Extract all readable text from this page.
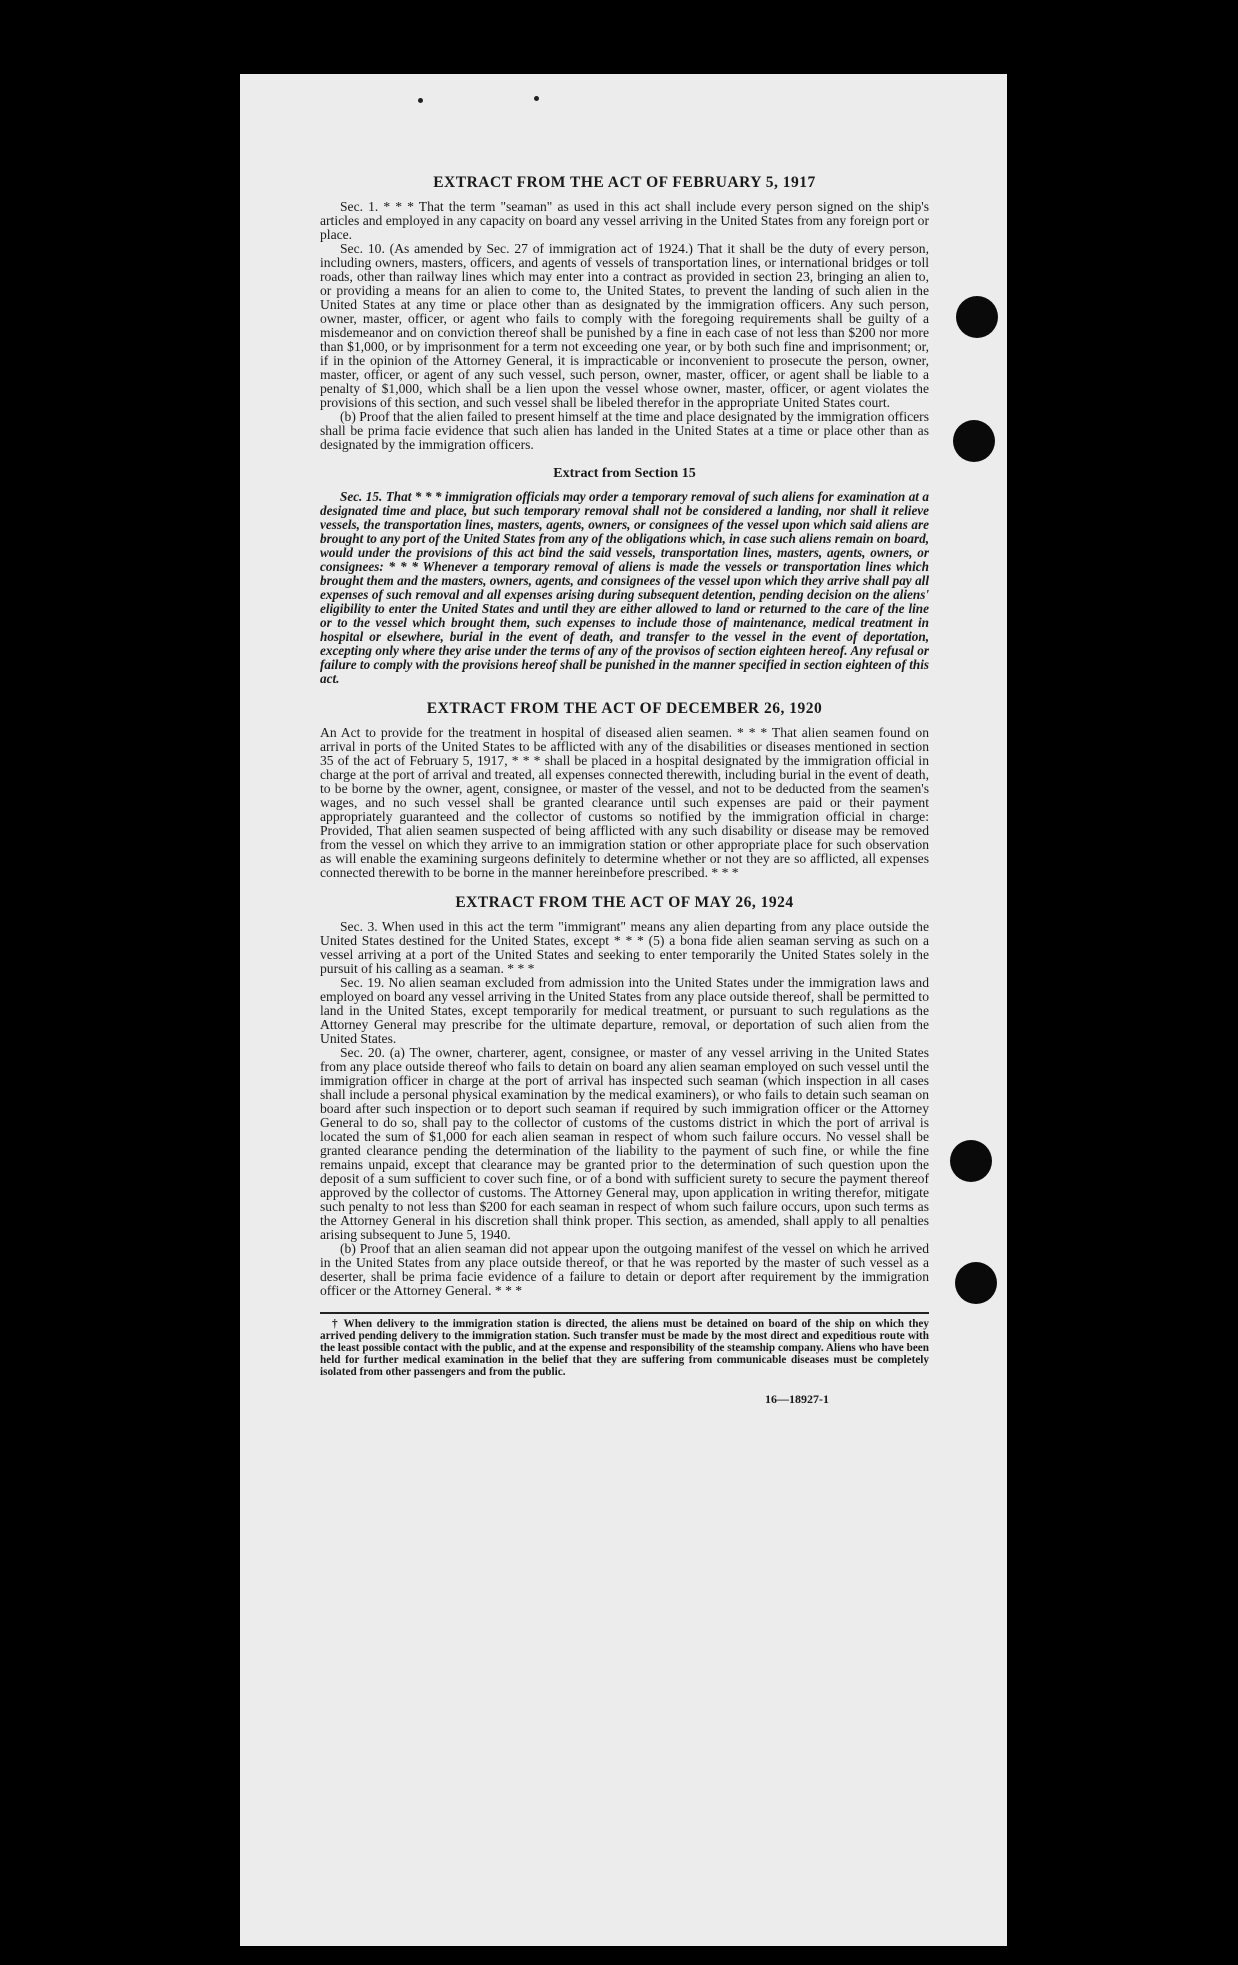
EXTRACT FROM THE ACT OF FEBRUARY 5, 1917

Sec. 1. * * * That the term "seaman" as used in this act shall include every person signed on the ship's articles and employed in any capacity on board any vessel arriving in the United States from any foreign port or place.

Sec. 10. (As amended by Sec. 27 of immigration act of 1924.) That it shall be the duty of every person, including owners, masters, officers, and agents of vessels of transportation lines, or international bridges or toll roads, other than railway lines which may enter into a contract as provided in section 23, bringing an alien to, or providing a means for an alien to come to, the United States, to prevent the landing of such alien in the United States at any time or place other than as designated by the immigration officers. Any such person, owner, master, officer, or agent who fails to comply with the foregoing requirements shall be guilty of a misdemeanor and on conviction thereof shall be punished by a fine in each case of not less than $200 nor more than $1,000, or by imprisonment for a term not exceeding one year, or by both such fine and imprisonment; or, if in the opinion of the Attorney General, it is impracticable or inconvenient to prosecute the person, owner, master, officer, or agent of any such vessel, such person, owner, master, officer, or agent shall be liable to a penalty of $1,000, which shall be a lien upon the vessel whose owner, master, officer, or agent violates the provisions of this section, and such vessel shall be libeled therefor in the appropriate United States court.

(b) Proof that the alien failed to present himself at the time and place designated by the immigration officers shall be prima facie evidence that such alien has landed in the United States at a time or place other than as designated by the immigration officers.

Extract from Section 15

Sec. 15. That * * * immigration officials may order a temporary removal of such aliens for examination at a designated time and place, but such temporary removal shall not be considered a landing, nor shall it relieve vessels, the transportation lines, masters, agents, owners, or consignees of the vessel upon which said aliens are brought to any port of the United States from any of the obligations which, in case such aliens remain on board, would under the provisions of this act bind the said vessels, transportation lines, masters, agents, owners, or consignees: * * * Whenever a temporary removal of aliens is made the vessels or transportation lines which brought them and the masters, owners, agents, and consignees of the vessel upon which they arrive shall pay all expenses of such removal and all expenses arising during subsequent detention, pending decision on the aliens' eligibility to enter the United States and until they are either allowed to land or returned to the care of the line or to the vessel which brought them, such expenses to include those of maintenance, medical treatment in hospital or elsewhere, burial in the event of death, and transfer to the vessel in the event of deportation, excepting only where they arise under the terms of any of the provisos of section eighteen hereof. Any refusal or failure to comply with the provisions hereof shall be punished in the manner specified in section eighteen of this act.

EXTRACT FROM THE ACT OF DECEMBER 26, 1920

An Act to provide for the treatment in hospital of diseased alien seamen. * * * That alien seamen found on arrival in ports of the United States to be afflicted with any of the disabilities or diseases mentioned in section 35 of the act of February 5, 1917, * * * shall be placed in a hospital designated by the immigration official in charge at the port of arrival and treated, all expenses connected therewith, including burial in the event of death, to be borne by the owner, agent, consignee, or master of the vessel, and not to be deducted from the seamen's wages, and no such vessel shall be granted clearance until such expenses are paid or their payment appropriately guaranteed and the collector of customs so notified by the immigration official in charge: Provided, That alien seamen suspected of being afflicted with any such disability or disease may be removed from the vessel on which they arrive to an immigration station or other appropriate place for such observation as will enable the examining surgeons definitely to determine whether or not they are so afflicted, all expenses connected therewith to be borne in the manner hereinbefore prescribed. * * *

EXTRACT FROM THE ACT OF MAY 26, 1924

Sec. 3. When used in this act the term "immigrant" means any alien departing from any place outside the United States destined for the United States, except * * * (5) a bona fide alien seaman serving as such on a vessel arriving at a port of the United States and seeking to enter temporarily the United States solely in the pursuit of his calling as a seaman. * * *

Sec. 19. No alien seaman excluded from admission into the United States under the immigration laws and employed on board any vessel arriving in the United States from any place outside thereof, shall be permitted to land in the United States, except temporarily for medical treatment, or pursuant to such regulations as the Attorney General may prescribe for the ultimate departure, removal, or deportation of such alien from the United States.

Sec. 20. (a) The owner, charterer, agent, consignee, or master of any vessel arriving in the United States from any place outside thereof who fails to detain on board any alien seaman employed on such vessel until the immigration officer in charge at the port of arrival has inspected such seaman (which inspection in all cases shall include a personal physical examination by the medical examiners), or who fails to detain such seaman on board after such inspection or to deport such seaman if required by such immigration officer or the Attorney General to do so, shall pay to the collector of customs of the customs district in which the port of arrival is located the sum of $1,000 for each alien seaman in respect of whom such failure occurs. No vessel shall be granted clearance pending the determination of the liability to the payment of such fine, or while the fine remains unpaid, except that clearance may be granted prior to the determination of such question upon the deposit of a sum sufficient to cover such fine, or of a bond with sufficient surety to secure the payment thereof approved by the collector of customs. The Attorney General may, upon application in writing therefor, mitigate such penalty to not less than $200 for each seaman in respect of whom such failure occurs, upon such terms as the Attorney General in his discretion shall think proper. This section, as amended, shall apply to all penalties arising subsequent to June 5, 1940.

(b) Proof that an alien seaman did not appear upon the outgoing manifest of the vessel on which he arrived in the United States from any place outside thereof, or that he was reported by the master of such vessel as a deserter, shall be prima facie evidence of a failure to detain or deport after requirement by the immigration officer or the Attorney General. * * *

† When delivery to the immigration station is directed, the aliens must be detained on board of the ship on which they arrived pending delivery to the immigration station. Such transfer must be made by the most direct and expeditious route with the least possible contact with the public, and at the expense and responsibility of the steamship company. Aliens who have been held for further medical examination in the belief that they are suffering from communicable diseases must be completely isolated from other passengers and from the public.

16—18927-1
